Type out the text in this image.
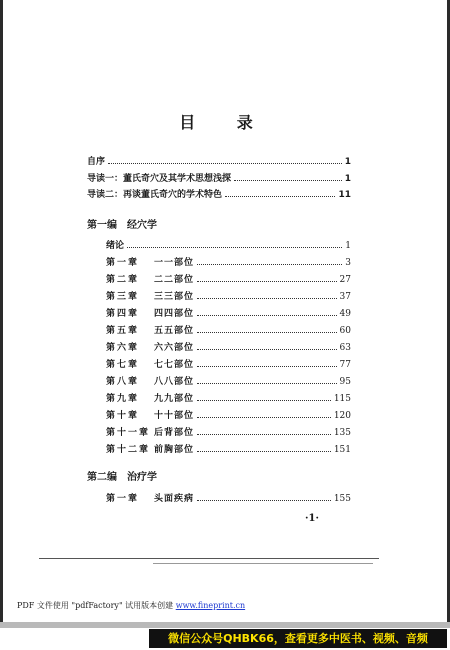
目 录
自序	1
导读一：董氏奇穴及其学术思想浅探	1
导读二：再谈董氏奇穴的学术特色	11
第一编　经穴学
绪论	1
第一章 一一部位	3
第二章 二二部位	27
第三章 三三部位	37
第四章 四四部位	49
第五章 五五部位	60
第六章 六六部位	63
第七章 七七部位	77
第八章 八八部位	95
第九章 九九部位	115
第十章 十十部位	120
第十一章 后背部位	135
第十二章 前胸部位	151
第二编　治疗学
第一章 头面疾病	155
·1·
PDF 文件使用 "pdfFactory" 试用版本创建 www.fineprint.cn
微信公众号QHBK66，查看更多中医书、视频、音频
